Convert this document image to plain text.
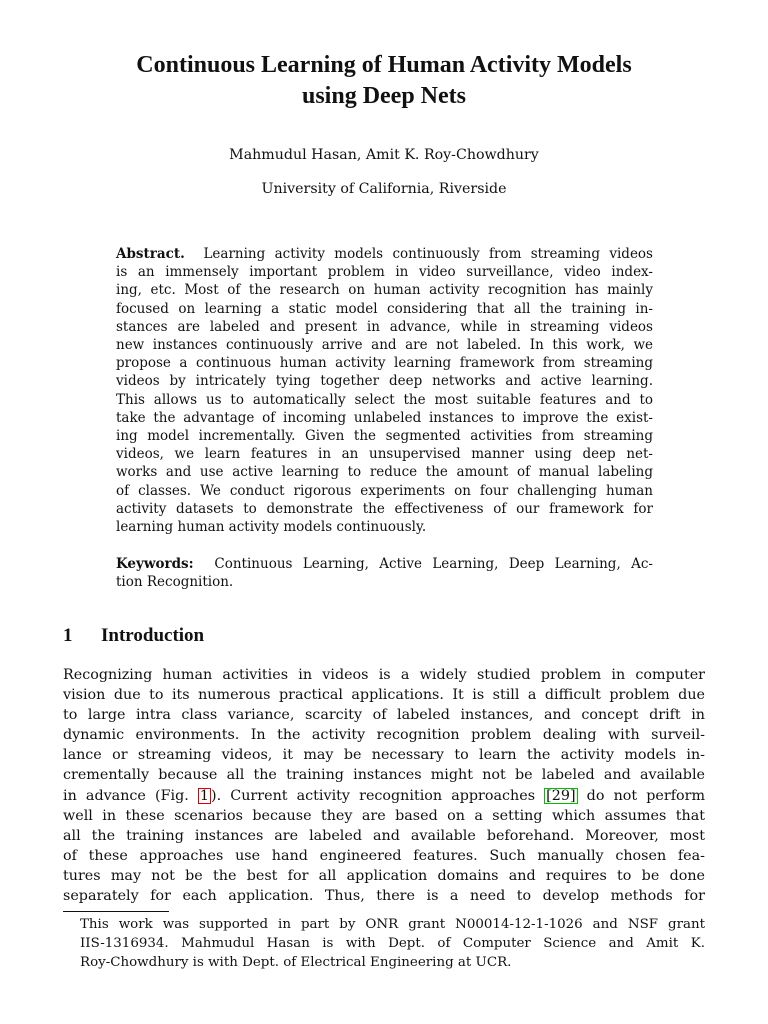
Continuous Learning of Human Activity Models
using Deep Nets

Mahmudul Hasan, Amit K. Roy-Chowdhury

University of California, Riverside

Abstract. Learning activity models continuously from streaming videos
is an immensely important problem in video surveillance, video index-
ing, etc. Most of the research on human activity recognition has mainly
focused on learning a static model considering that all the training in-
stances are labeled and present in advance, while in streaming videos
new instances continuously arrive and are not labeled. In this work, we
propose a continuous human activity learning framework from streaming
videos by intricately tying together deep networks and active learning.
This allows us to automatically select the most suitable features and to
take the advantage of incoming unlabeled instances to improve the exist-
ing model incrementally. Given the segmented activities from streaming
videos, we learn features in an unsupervised manner using deep net-
works and use active learning to reduce the amount of manual labeling
of classes. We conduct rigorous experiments on four challenging human
activity datasets to demonstrate the effectiveness of our framework for
learning human activity models continuously.
Keywords: Continuous Learning, Active Learning, Deep Learning, Ac-
tion Recognition.
1 Introduction
Recognizing human activities in videos is a widely studied problem in computer
vision due to its numerous practical applications. It is still a difficult problem due
to large intra class variance, scarcity of labeled instances, and concept drift in
dynamic environments. In the activity recognition problem dealing with surveil-
lance or streaming videos, it may be necessary to learn the activity models in-
crementally because all the training instances might not be labeled and available
in advance (Fig. 1 ). Current activity recognition approaches [29] do not perform
well in these scenarios because they are based on a setting which assumes that
all the training instances are labeled and available beforehand. Moreover, most
of these approaches use hand engineered features. Such manually chosen fea-
tures may not be the best for all application domains and requires to be done
separately for each application. Thus, there is a need to develop methods for
This work was supported in part by ONR grant N00014-12-1-1026 and NSF grant
IIS-1316934. Mahmudul Hasan is with Dept. of Computer Science and Amit K.
Roy-Chowdhury is with Dept. of Electrical Engineering at UCR.
